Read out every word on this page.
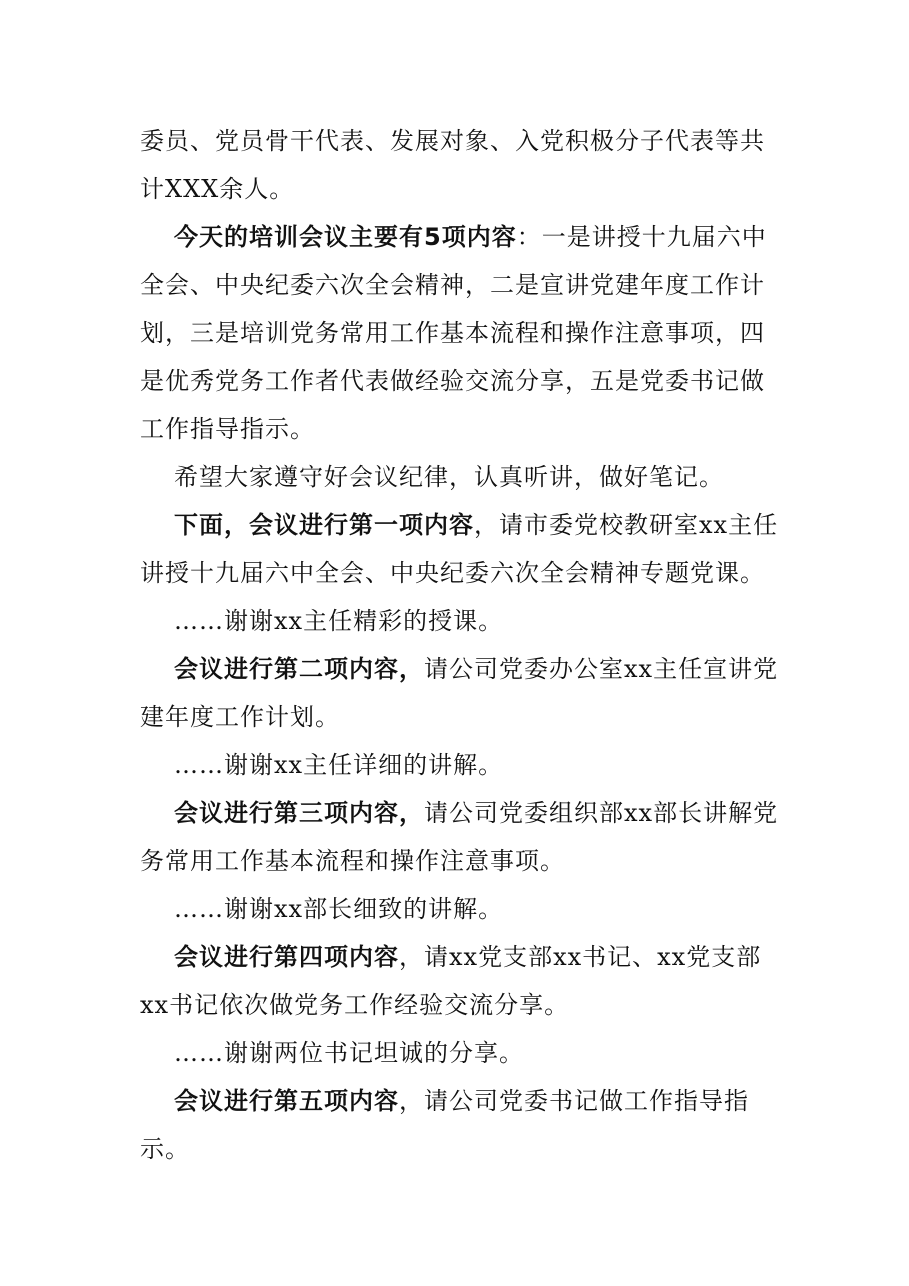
委员、党员骨干代表、发展对象、入党积极分子代表等共计XXX余人。

今天的培训会议主要有5项内容：一是讲授十九届六中全会、中央纪委六次全会精神，二是宣讲党建年度工作计划，三是培训党务常用工作基本流程和操作注意事项，四是优秀党务工作者代表做经验交流分享，五是党委书记做工作指导指示。

希望大家遵守好会议纪律，认真听讲，做好笔记。

下面，会议进行第一项内容，请市委党校教研室xx主任讲授十九届六中全会、中央纪委六次全会精神专题党课。

……谢谢xx主任精彩的授课。

会议进行第二项内容，请公司党委办公室xx主任宣讲党建年度工作计划。

……谢谢xx主任详细的讲解。

会议进行第三项内容，请公司党委组织部xx部长讲解党务常用工作基本流程和操作注意事项。

……谢谢xx部长细致的讲解。

会议进行第四项内容，请xx党支部xx书记、xx党支部xx书记依次做党务工作经验交流分享。

……谢谢两位书记坦诚的分享。

会议进行第五项内容，请公司党委书记做工作指导指示。
